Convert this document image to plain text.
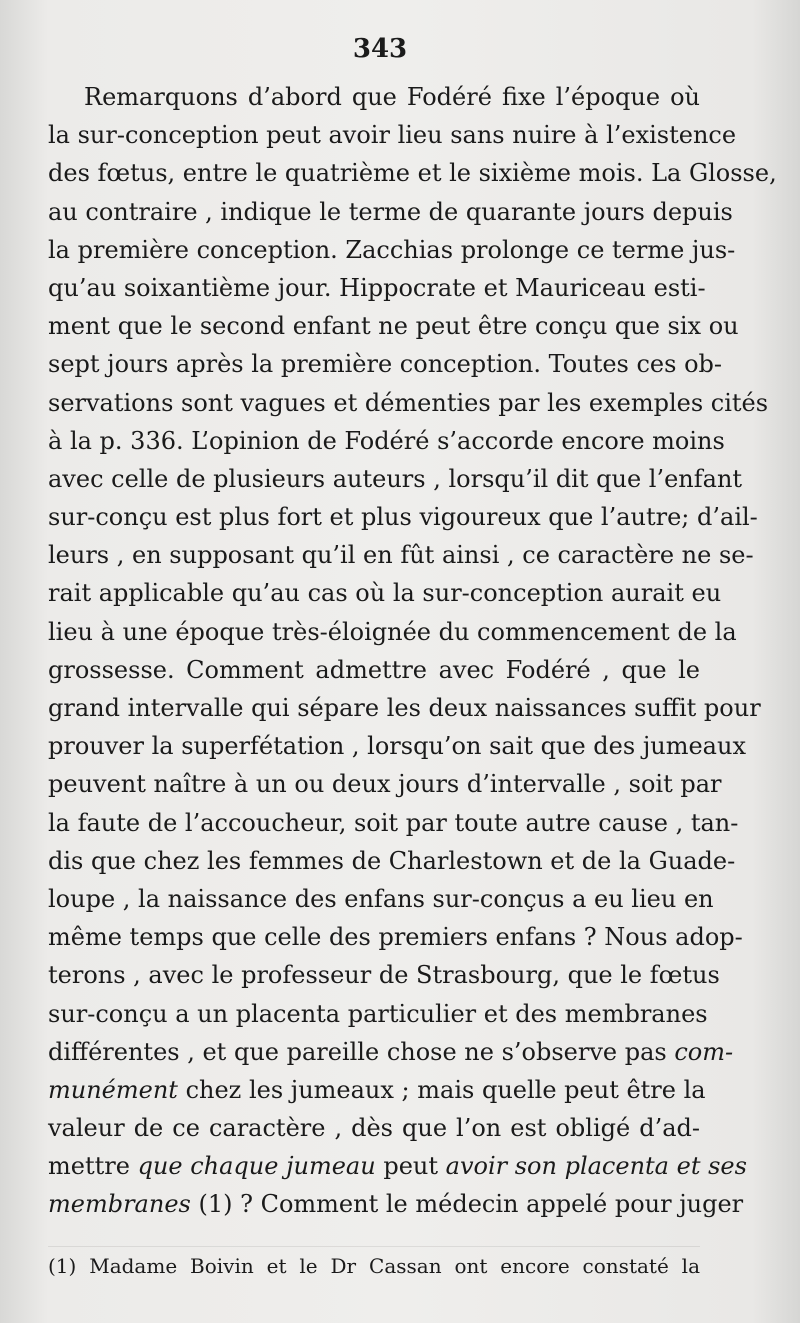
343
Remarquons d’abord que Fodéré fixe l’époque où
la sur-conception peut avoir lieu sans nuire à l’existence
des fœtus, entre le quatrième et le sixième mois. La Glosse,
au contraire , indique le terme de quarante jours depuis
la première conception. Zacchias prolonge ce terme jus-
qu’au soixantième jour. Hippocrate et Mauriceau esti-
ment que le second enfant ne peut être conçu que six ou
sept jours après la première conception. Toutes ces ob-
servations sont vagues et démenties par les exemples cités
à la p. 336. L’opinion de Fodéré s’accorde encore moins
avec celle de plusieurs auteurs , lorsqu’il dit que l’enfant
sur-conçu est plus fort et plus vigoureux que l’autre; d’ail-
leurs , en supposant qu’il en fût ainsi , ce caractère ne se-
rait applicable qu’au cas où la sur-conception aurait eu
lieu à une époque très-éloignée du commencement de la
grossesse. Comment admettre avec Fodéré , que le
grand intervalle qui sépare les deux naissances suffit pour
prouver la superfétation , lorsqu’on sait que des jumeaux
peuvent naître à un ou deux jours d’intervalle , soit par
la faute de l’accoucheur, soit par toute autre cause , tan-
dis que chez les femmes de Charlestown et de la Guade-
loupe , la naissance des enfans sur-conçus a eu lieu en
même temps que celle des premiers enfans ? Nous adop-
terons , avec le professeur de Strasbourg, que le fœtus
sur-conçu a un placenta particulier et des membranes
différentes , et que pareille chose ne s’observe pas com-
munément chez les jumeaux ; mais quelle peut être la
valeur de ce caractère , dès que l’on est obligé d’ad-
mettre que chaque jumeau peut avoir son placenta et ses
membranes (1) ? Comment le médecin appelé pour juger
(1) Madame Boivin et le Dr Cassan ont encore constaté la
